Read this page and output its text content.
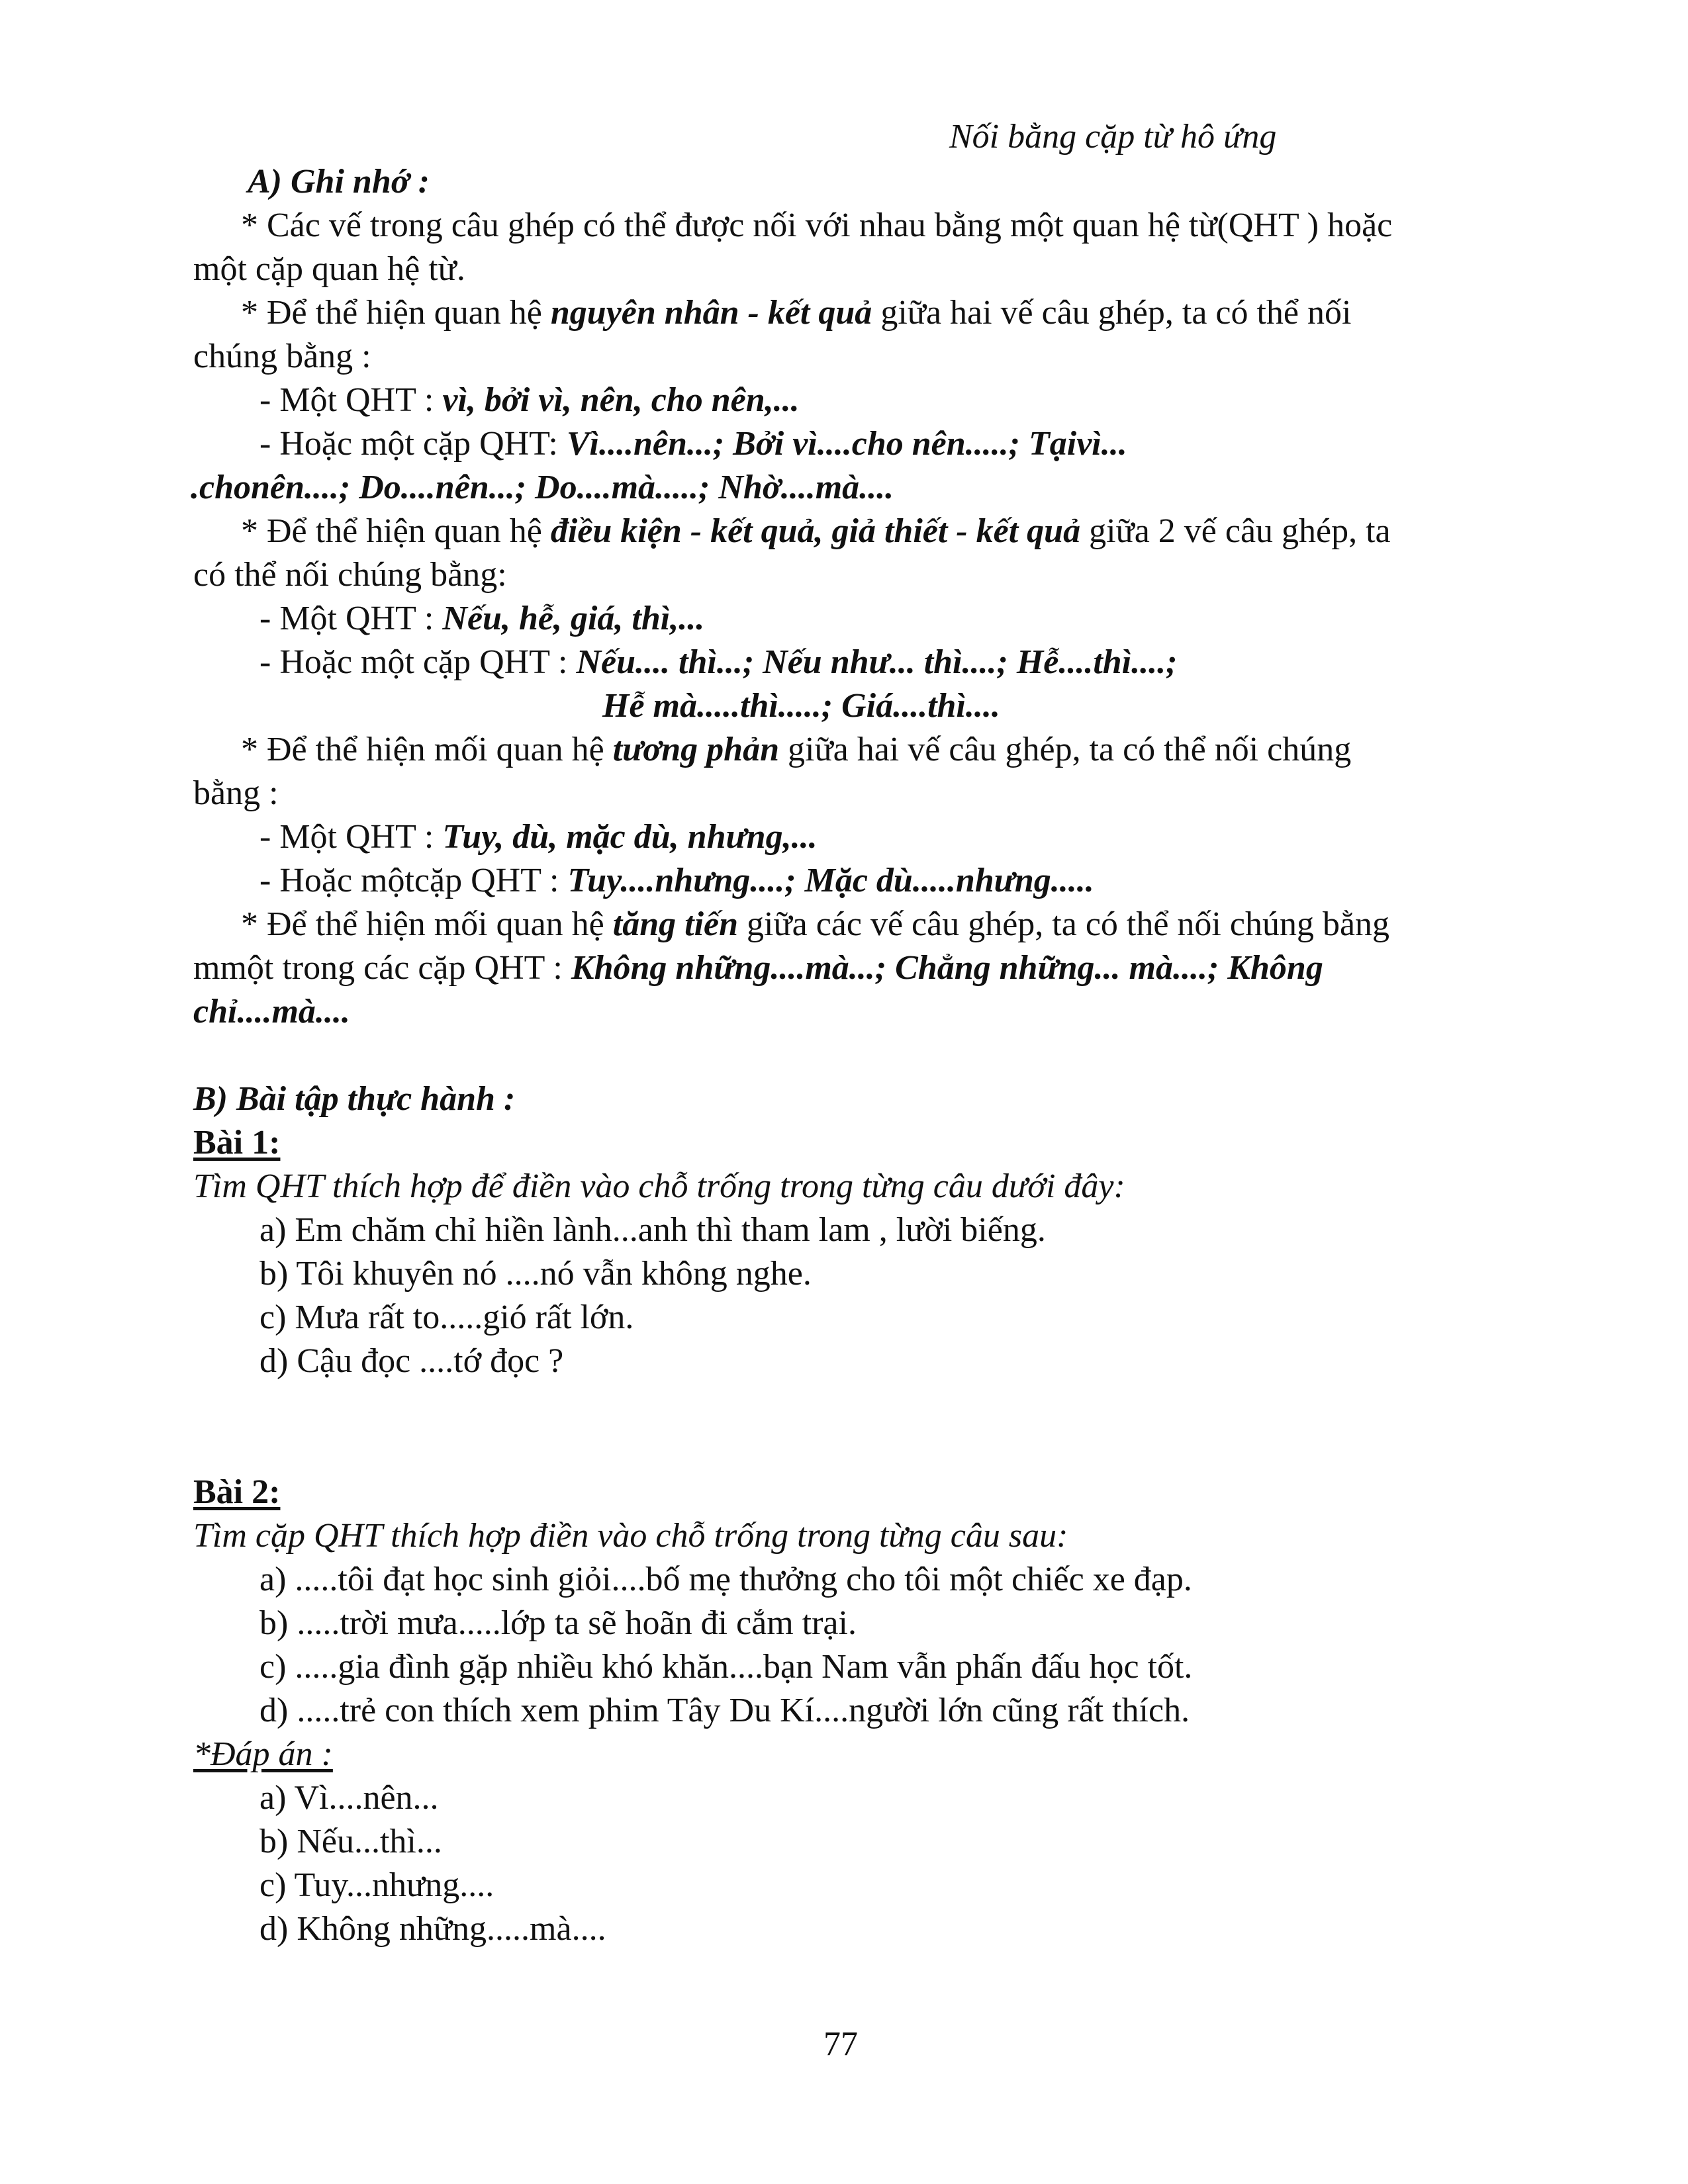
Nối bằng cặp từ hô ứng
A) Ghi nhớ :
* Các vế trong câu ghép có thể được nối với nhau bằng một quan hệ từ(QHT ) hoặc
một cặp quan hệ từ.
* Để thể hiện quan hệ nguyên nhân - kết quả giữa hai vế câu ghép, ta có thể nối
chúng bằng :
- Một QHT : vì, bởi vì, nên, cho nên,...
- Hoặc một cặp QHT: Vì....nên...; Bởi vì....cho nên.....; Tạivì...
.chonên....; Do....nên...; Do....mà.....; Nhờ....mà....
* Để thể hiện quan hệ điều kiện - kết quả, giả thiết - kết quả giữa 2 vế câu ghép, ta
có thể nối chúng bằng:
- Một QHT : Nếu, hễ, giá, thì,...
- Hoặc một cặp QHT : Nếu.... thì...; Nếu như... thì....; Hễ....thì....;
Hễ mà.....thì.....; Giá....thì....
* Để thể hiện mối quan hệ tương phản giữa hai vế câu ghép, ta có thể nối chúng
bằng :
- Một QHT : Tuy, dù, mặc dù, nhưng,...
- Hoặc mộtcặp QHT : Tuy....nhưng....; Mặc dù.....nhưng.....
* Để thể hiện mối quan hệ tăng tiến giữa các vế câu ghép, ta có thể nối chúng bằng
mmột trong các cặp QHT : Không những....mà...; Chẳng những... mà....; Không
chỉ....mà....
B) Bài tập thực hành :
Bài 1:
Tìm QHT thích hợp để điền vào chỗ trống trong từng câu dưới đây:
a) Em chăm chỉ hiền lành...anh thì tham lam , lười biếng.
b) Tôi khuyên nó ....nó vẫn không nghe.
c) Mưa rất to.....gió rất lớn.
d) Cậu đọc ....tớ đọc ?
Bài 2:
Tìm cặp QHT thích hợp điền vào chỗ trống trong từng câu sau:
a) .....tôi đạt học sinh giỏi....bố mẹ thưởng cho tôi một chiếc xe đạp.
b) .....trời mưa.....lớp ta sẽ hoãn đi cắm trại.
c) .....gia đình gặp nhiều khó khăn....bạn Nam vẫn phấn đấu học tốt.
d) .....trẻ con thích xem phim Tây Du Kí....người lớn cũng rất thích.
*Đáp án :
a) Vì....nên...
b) Nếu...thì...
c) Tuy...nhưng....
d) Không những.....mà....
77
